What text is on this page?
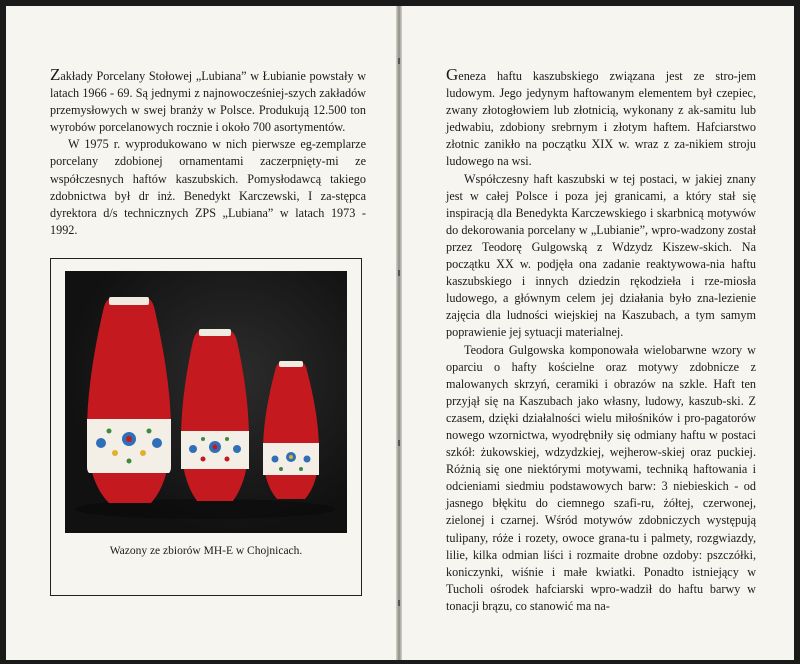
Zakłady Porcelany Stołowej „Lubiana” w Łubianie powstały w latach 1966 - 69. Są jednymi z najnowocześniej-szych zakładów przemysłowych w swej branży w Polsce. Produkują 12.500 ton wyrobów porcelanowych rocznie i około 700 asortymentów.

W 1975 r. wyprodukowano w nich pierwsze eg-zemplarze porcelany zdobionej ornamentami zaczerpnięty-mi ze współczesnych haftów kaszubskich. Pomysłodawcą takiego zdobnictwa był dr inż. Benedykt Karczewski, I za-stępca dyrektora d/s technicznych ZPS „Lubiana” w latach 1973 - 1992.

Wazony ze zbiorów MH-E w Chojnicach.

Geneza haftu kaszubskiego związana jest ze stro-jem ludowym. Jego jedynym haftowanym elementem był czepiec, zwany złotogłowiem lub złotnicią, wykonany z ak-samitu lub jedwabiu, zdobiony srebrnym i złotym haftem. Hafciarstwo złotnic zanikło na początku XIX w. wraz z za-nikiem stroju ludowego na wsi.

Współczesny haft kaszubski w tej postaci, w jakiej znany jest w całej Polsce i poza jej granicami, a który stał się inspiracją dla Benedykta Karczewskiego i skarbnicą motywów do dekorowania porcelany w „Lubianie”, wpro-wadzony został przez Teodorę Gulgowską z Wdzydz Kiszew-skich. Na początku XX w. podjęła ona zadanie reaktywowa-nia haftu kaszubskiego i innych dziedzin rękodzieła i rze-miosła ludowego, a głównym celem jej działania było zna-lezienie zajęcia dla ludności wiejskiej na Kaszubach, a tym samym poprawienie jej sytuacji materialnej.

Teodora Gulgowska komponowała wielobarwne wzory w oparciu o hafty kościelne oraz motywy zdobnicze z malowanych skrzyń, ceramiki i obrazów na szkle. Haft ten przyjął się na Kaszubach jako własny, ludowy, kaszub-ski. Z czasem, dzięki działalności wielu miłośników i pro-pagatorów nowego wzornictwa, wyodrębniły się odmiany haftu w postaci szkół: żukowskiej, wdzydzkiej, wejherow-skiej oraz puckiej. Różnią się one niektórymi motywami, techniką haftowania i odcieniami siedmiu podstawowych barw: 3 niebieskich - od jasnego błękitu do ciemnego szafi-ru, żółtej, czerwonej, zielonej i czarnej. Wśród motywów zdobniczych występują tulipany, róże i rozety, owoce grana-tu i palmety, rozgwiazdy, lilie, kilka odmian liści i rozmaite drobne ozdoby: pszczółki, koniczynki, wiśnie i małe kwiatki. Ponadto istniejący w Tucholi ośrodek hafciarski wpro-wadził do haftu barwy w tonacji brązu, co stanowić ma na-
